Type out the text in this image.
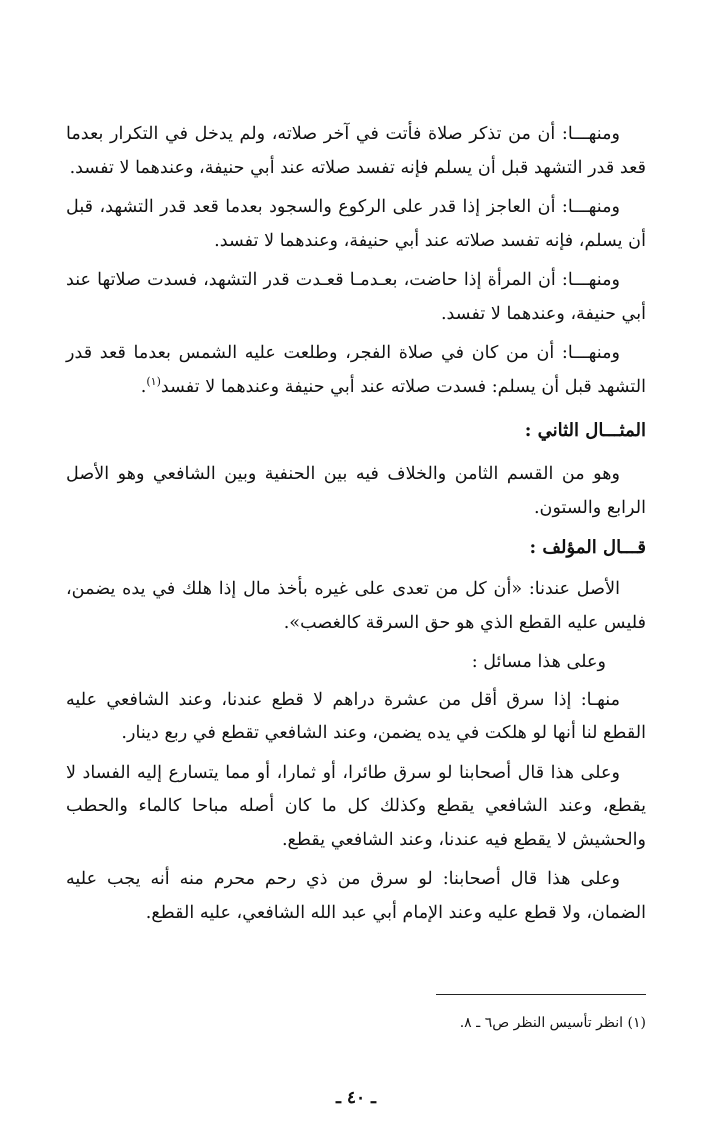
ومنهـــا: أن من تذكر صلاة فأتت في آخر صلاته، ولم يدخل في التكرار بعدما قعد قدر التشهد قبل أن يسلم فإنه تفسد صلاته عند أبي حنيفة، وعندهما لا تفسد.

ومنهـــا: أن العاجز إذا قدر على الركوع والسجود بعدما قعد قدر التشهد، قبل أن يسلم، فإنه تفسد صلاته عند أبي حنيفة، وعندهما لا تفسد.

ومنهـــا: أن المرأة إذا حاضت، بعـدمـا قعـدت قدر التشهد، فسدت صلاتها عند أبي حنيفة، وعندهما لا تفسد.

ومنهـــا: أن من كان في صلاة الفجر، وطلعت عليه الشمس بعدما قعد قدر التشهد قبل أن يسلم: فسدت صلاته عند أبي حنيفة وعندهما لا تفسد$^{(١)}$.

المثـــال الثاني :

وهو من القسم الثامن والخلاف فيه بين الحنفية وبين الشافعي وهو الأصل الرابع والستون.

قـــال المؤلف :

الأصل عندنا: «أن كل من تعدى على غيره بأخذ مال إذا هلك في يده يضمن، فليس عليه القطع الذي هو حق السرقة كالغصب».

وعلى هذا مسائل :

منهـا: إذا سرق أقل من عشرة دراهم لا قطع عندنا، وعند الشافعي عليه القطع لنا أنها لو هلكت في يده يضمن، وعند الشافعي تقطع في ربع دينار.

وعلى هذا قال أصحابنا لو سرق طائرا، أو ثمارا، أو مما يتسارع إليه الفساد لا يقطع، وعند الشافعي يقطع وكذلك كل ما كان أصله مباحا كالماء والحطب والحشيش لا يقطع فيه عندنا، وعند الشافعي يقطع.

وعلى هذا قال أصحابنا: لو سرق من ذي رحم محرم منه أنه يجب عليه الضمان، ولا قطع عليه وعند الإمام أبي عبد الله الشافعي، عليه القطع.

(١) انظر تأسيس النظر ص٦ ـ ٨.
ـ ٤٠ ـ
